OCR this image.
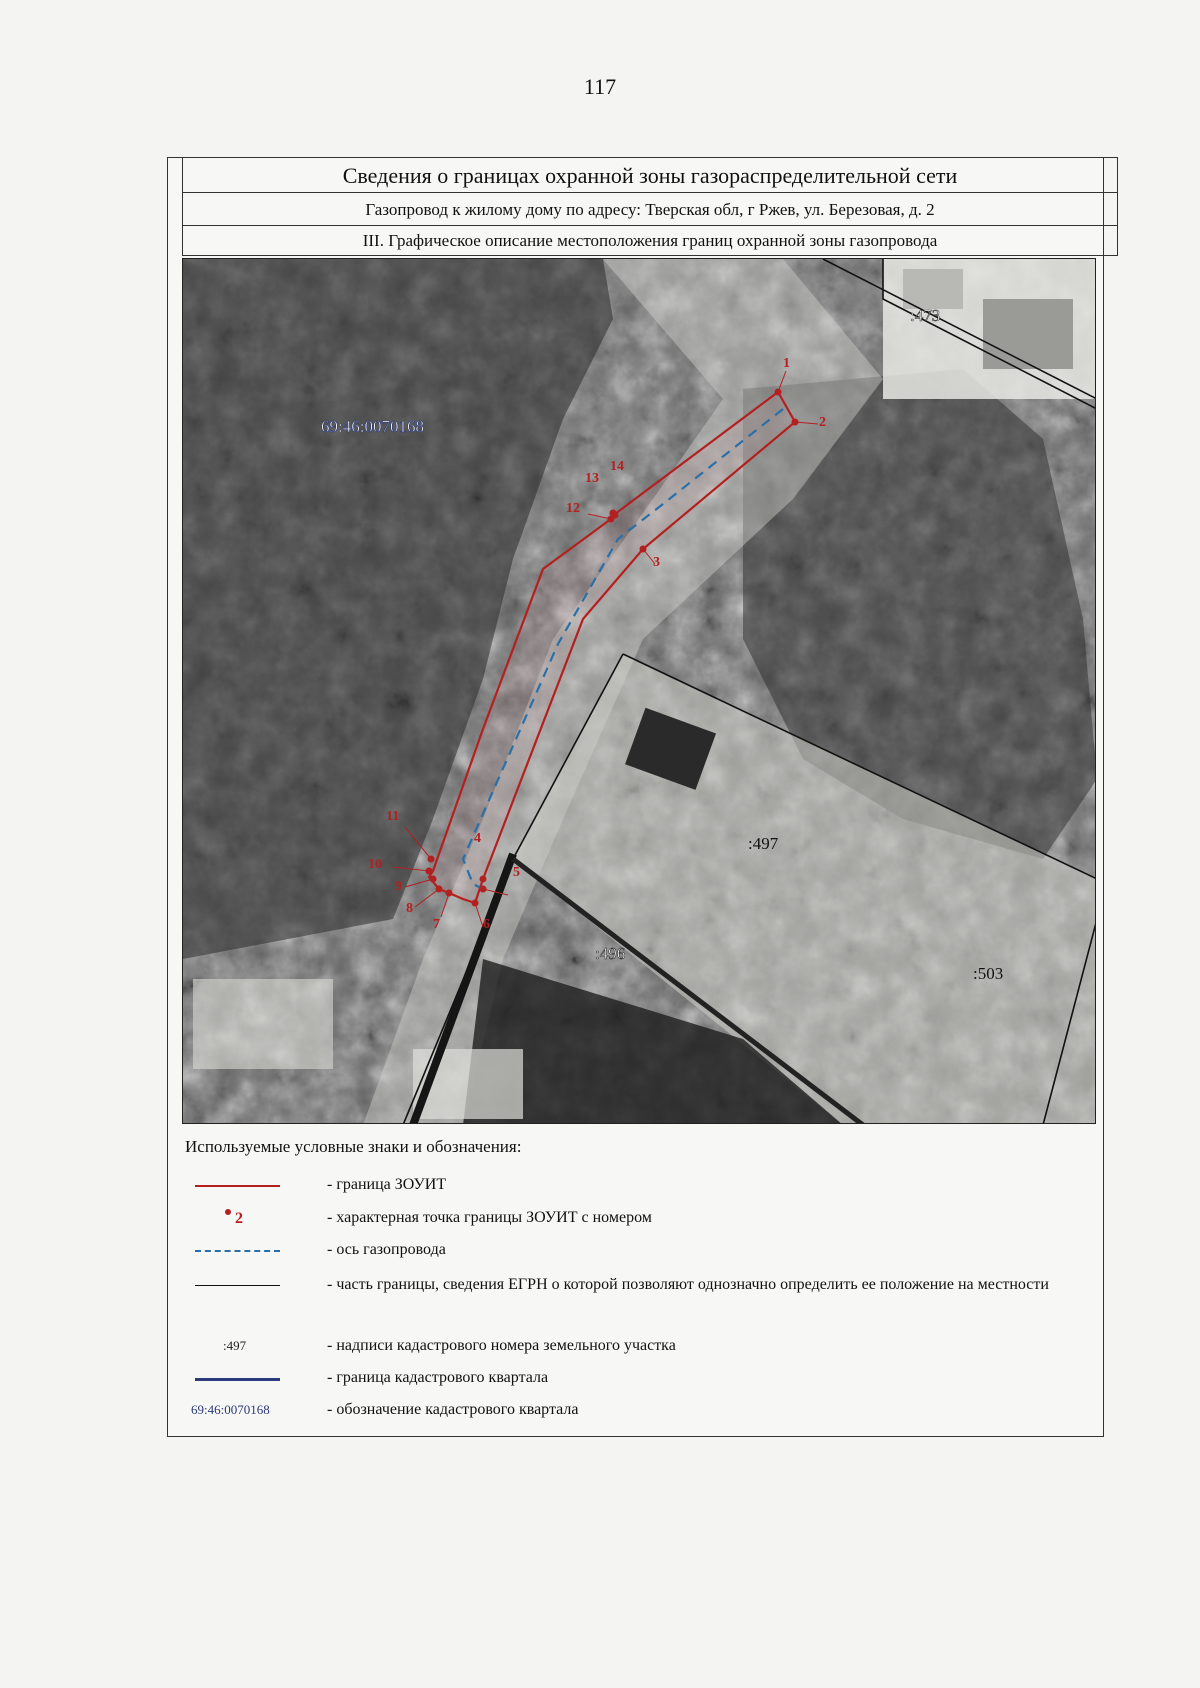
117
Сведения о границах охранной зоны газораспределительной сети
Газопровод к жилому дому по адресу: Тверская обл, г Ржев, ул. Березовая, д. 2
III. Графическое описание местоположения границ охранной зоны газопровода
69:46:0070168
:473
:497
:496
:503
1
2
3
4
5
6
7
8
9
10
11
12
13
14
Используемые условные знаки и обозначения:
- граница ЗОУИТ
2	- характерная точка границы ЗОУИТ с номером
- ось газопровода
- часть границы, сведения ЕГРН о которой позволяют однозначно определить ее положение на местности
:497	- надписи кадастрового номера земельного участка
- граница кадастрового квартала
69:46:0070168	- обозначение кадастрового квартала
